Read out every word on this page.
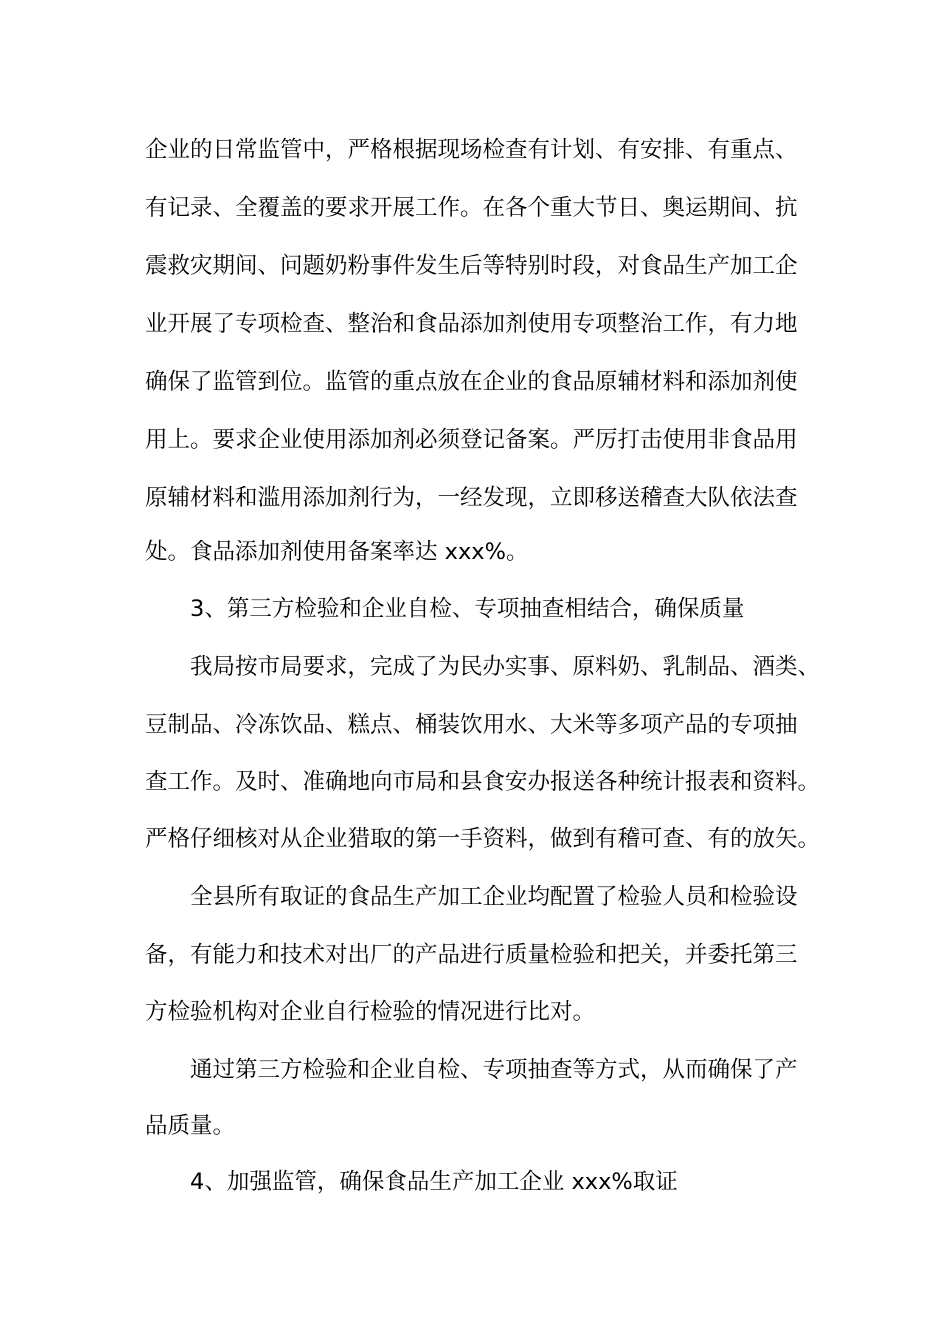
企业的日常监管中，严格根据现场检查有计划、有安排、有重点、
有记录、全覆盖的要求开展工作。在各个重大节日、奥运期间、抗
震救灾期间、问题奶粉事件发生后等特别时段，对食品生产加工企
业开展了专项检查、整治和食品添加剂使用专项整治工作，有力地
确保了监管到位。监管的重点放在企业的食品原辅材料和添加剂使
用上。要求企业使用添加剂必须登记备案。严厉打击使用非食品用
原辅材料和滥用添加剂行为，一经发现，立即移送稽查大队依法查
处。食品添加剂使用备案率达 xxx%。
3、第三方检验和企业自检、专项抽查相结合，确保质量
我局按市局要求，完成了为民办实事、原料奶、乳制品、酒类、
豆制品、冷冻饮品、糕点、桶装饮用水、大米等多项产品的专项抽
查工作。及时、准确地向市局和县食安办报送各种统计报表和资料。
严格仔细核对从企业猎取的第一手资料，做到有稽可查、有的放矢。
全县所有取证的食品生产加工企业均配置了检验人员和检验设
备，有能力和技术对出厂的产品进行质量检验和把关，并委托第三
方检验机构对企业自行检验的情况进行比对。
通过第三方检验和企业自检、专项抽查等方式，从而确保了产
品质量。
4、加强监管，确保食品生产加工企业 xxx%取证
